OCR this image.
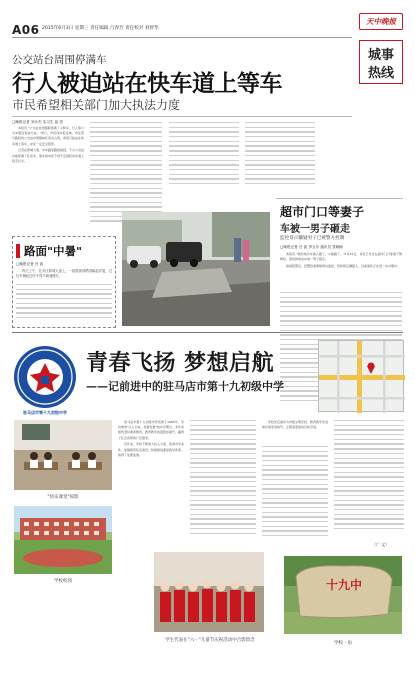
A06 2015年6月3日 星期三 责任编辑 吕春芳 责任校对 刘智华
天中晚报
城事
热线
公交站台周围停满车
行人被迫站在快车道上等车
市民希望相关部门加大执法力度
□晚报记者 刘永杰 实习生 祖 晋

本报讯 "公交站台周围都停满了小轿车，行人等公交车都没有地方站。"昨日，市民向本报反映，市区部分路段的公交站台周围被私家车占用，乘客只能站在快车道上等车，存在一定安全隐患。

记者在驿城大道、中华路等路段看到，不少公交站台前停满了私家车，等车的市民不得不走到机动车道上招手拦车。

超市门口等妻子
车被一男子砸走
监控显示嫌疑男子已被警方控制
□晚报记者 吕 凯 李玉东 通讯员 张晓旸

本报讯 "我的电动车被人砸了，小偷跑了。"5月31日，市民王先生在超市门口等妻子购物时，停放的电动车被一男子砸走。

接到报警后，民警迅速调取周边监控，很快锁定嫌疑人，目前案件正在进一步办理中。

路面"中暑"
□晚报记者 吕 凯

昨天上午，在市区驿城大道上，一段路面被晒得隆起开裂，过往车辆经过时不得不减速慢行。

驻马店市第十九初级中学
青春飞扬 梦想启航
——记前进中的驻马店市第十九初级中学
"快乐课堂"掠影
学校校园

驻马店市第十九初级中学创建于1985年，学校秉承"以人为本，和谐发展"的办学理念，多年来始终坚持素质教育，教育教学质量稳步提升，赢得了社会各界的广泛赞誉。

近年来，学校不断加大投入力度，改善办学条件，加强师资队伍建设，积极推进课堂教学改革，取得了显著成效。

学校先后被评为市级文明学校、教育教学先进单位等荣誉称号，正朝着更高的目标迈进。

（广 文）
学生代表在"六一"儿童节庆祝活动中合影留念
十九中
学校一角
